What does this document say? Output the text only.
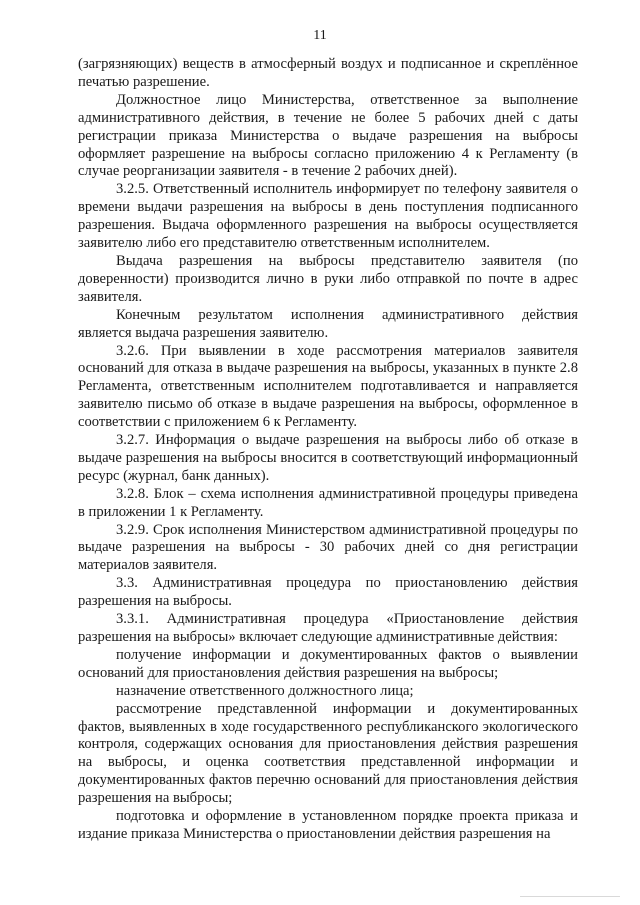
11

(загрязняющих) веществ в атмосферный воздух и подписанное и скреплённое печатью разрешение.

Должностное лицо Министерства, ответственное за выполнение административного действия, в течение не более 5 рабочих дней с даты регистрации приказа Министерства о выдаче разрешения на выбросы оформляет разрешение на выбросы согласно приложению 4 к Регламенту (в случае реорганизации заявителя - в течение 2 рабочих дней).

3.2.5. Ответственный исполнитель информирует по телефону заявителя о времени выдачи разрешения на выбросы в день поступления подписанного разрешения. Выдача оформленного разрешения на выбросы осуществляется заявителю либо его представителю ответственным исполнителем.

Выдача разрешения на выбросы представителю заявителя (по доверенности) производится лично в руки либо отправкой по почте в адрес заявителя.

Конечным результатом исполнения административного действия является выдача разрешения заявителю.

3.2.6. При выявлении в ходе рассмотрения материалов заявителя оснований для отказа в выдаче разрешения на выбросы, указанных в пункте 2.8 Регламента, ответственным исполнителем подготавливается и направляется заявителю письмо об отказе в выдаче разрешения на выбросы, оформленное в соответствии с приложением 6 к Регламенту.

3.2.7. Информация о выдаче разрешения на выбросы либо об отказе в выдаче разрешения на выбросы вносится в соответствующий информационный ресурс (журнал, банк данных).

3.2.8. Блок – схема исполнения административной процедуры приведена в приложении 1 к Регламенту.

3.2.9. Срок исполнения Министерством административной процедуры по выдаче разрешения на выбросы - 30 рабочих дней со дня регистрации материалов заявителя.

3.3. Административная процедура по приостановлению действия разрешения на выбросы.

3.3.1. Административная процедура «Приостановление действия разрешения на выбросы» включает следующие административные действия:

получение информации и документированных фактов о выявлении оснований для приостановления действия разрешения на выбросы;

назначение ответственного должностного лица;

рассмотрение представленной информации и документированных фактов, выявленных в ходе государственного республиканского экологического контроля, содержащих основания для приостановления действия разрешения на выбросы, и оценка соответствия представленной информации и документированных фактов перечню оснований для приостановления действия разрешения на выбросы;

подготовка и оформление в установленном порядке проекта приказа и издание приказа Министерства о приостановлении действия разрешения на
